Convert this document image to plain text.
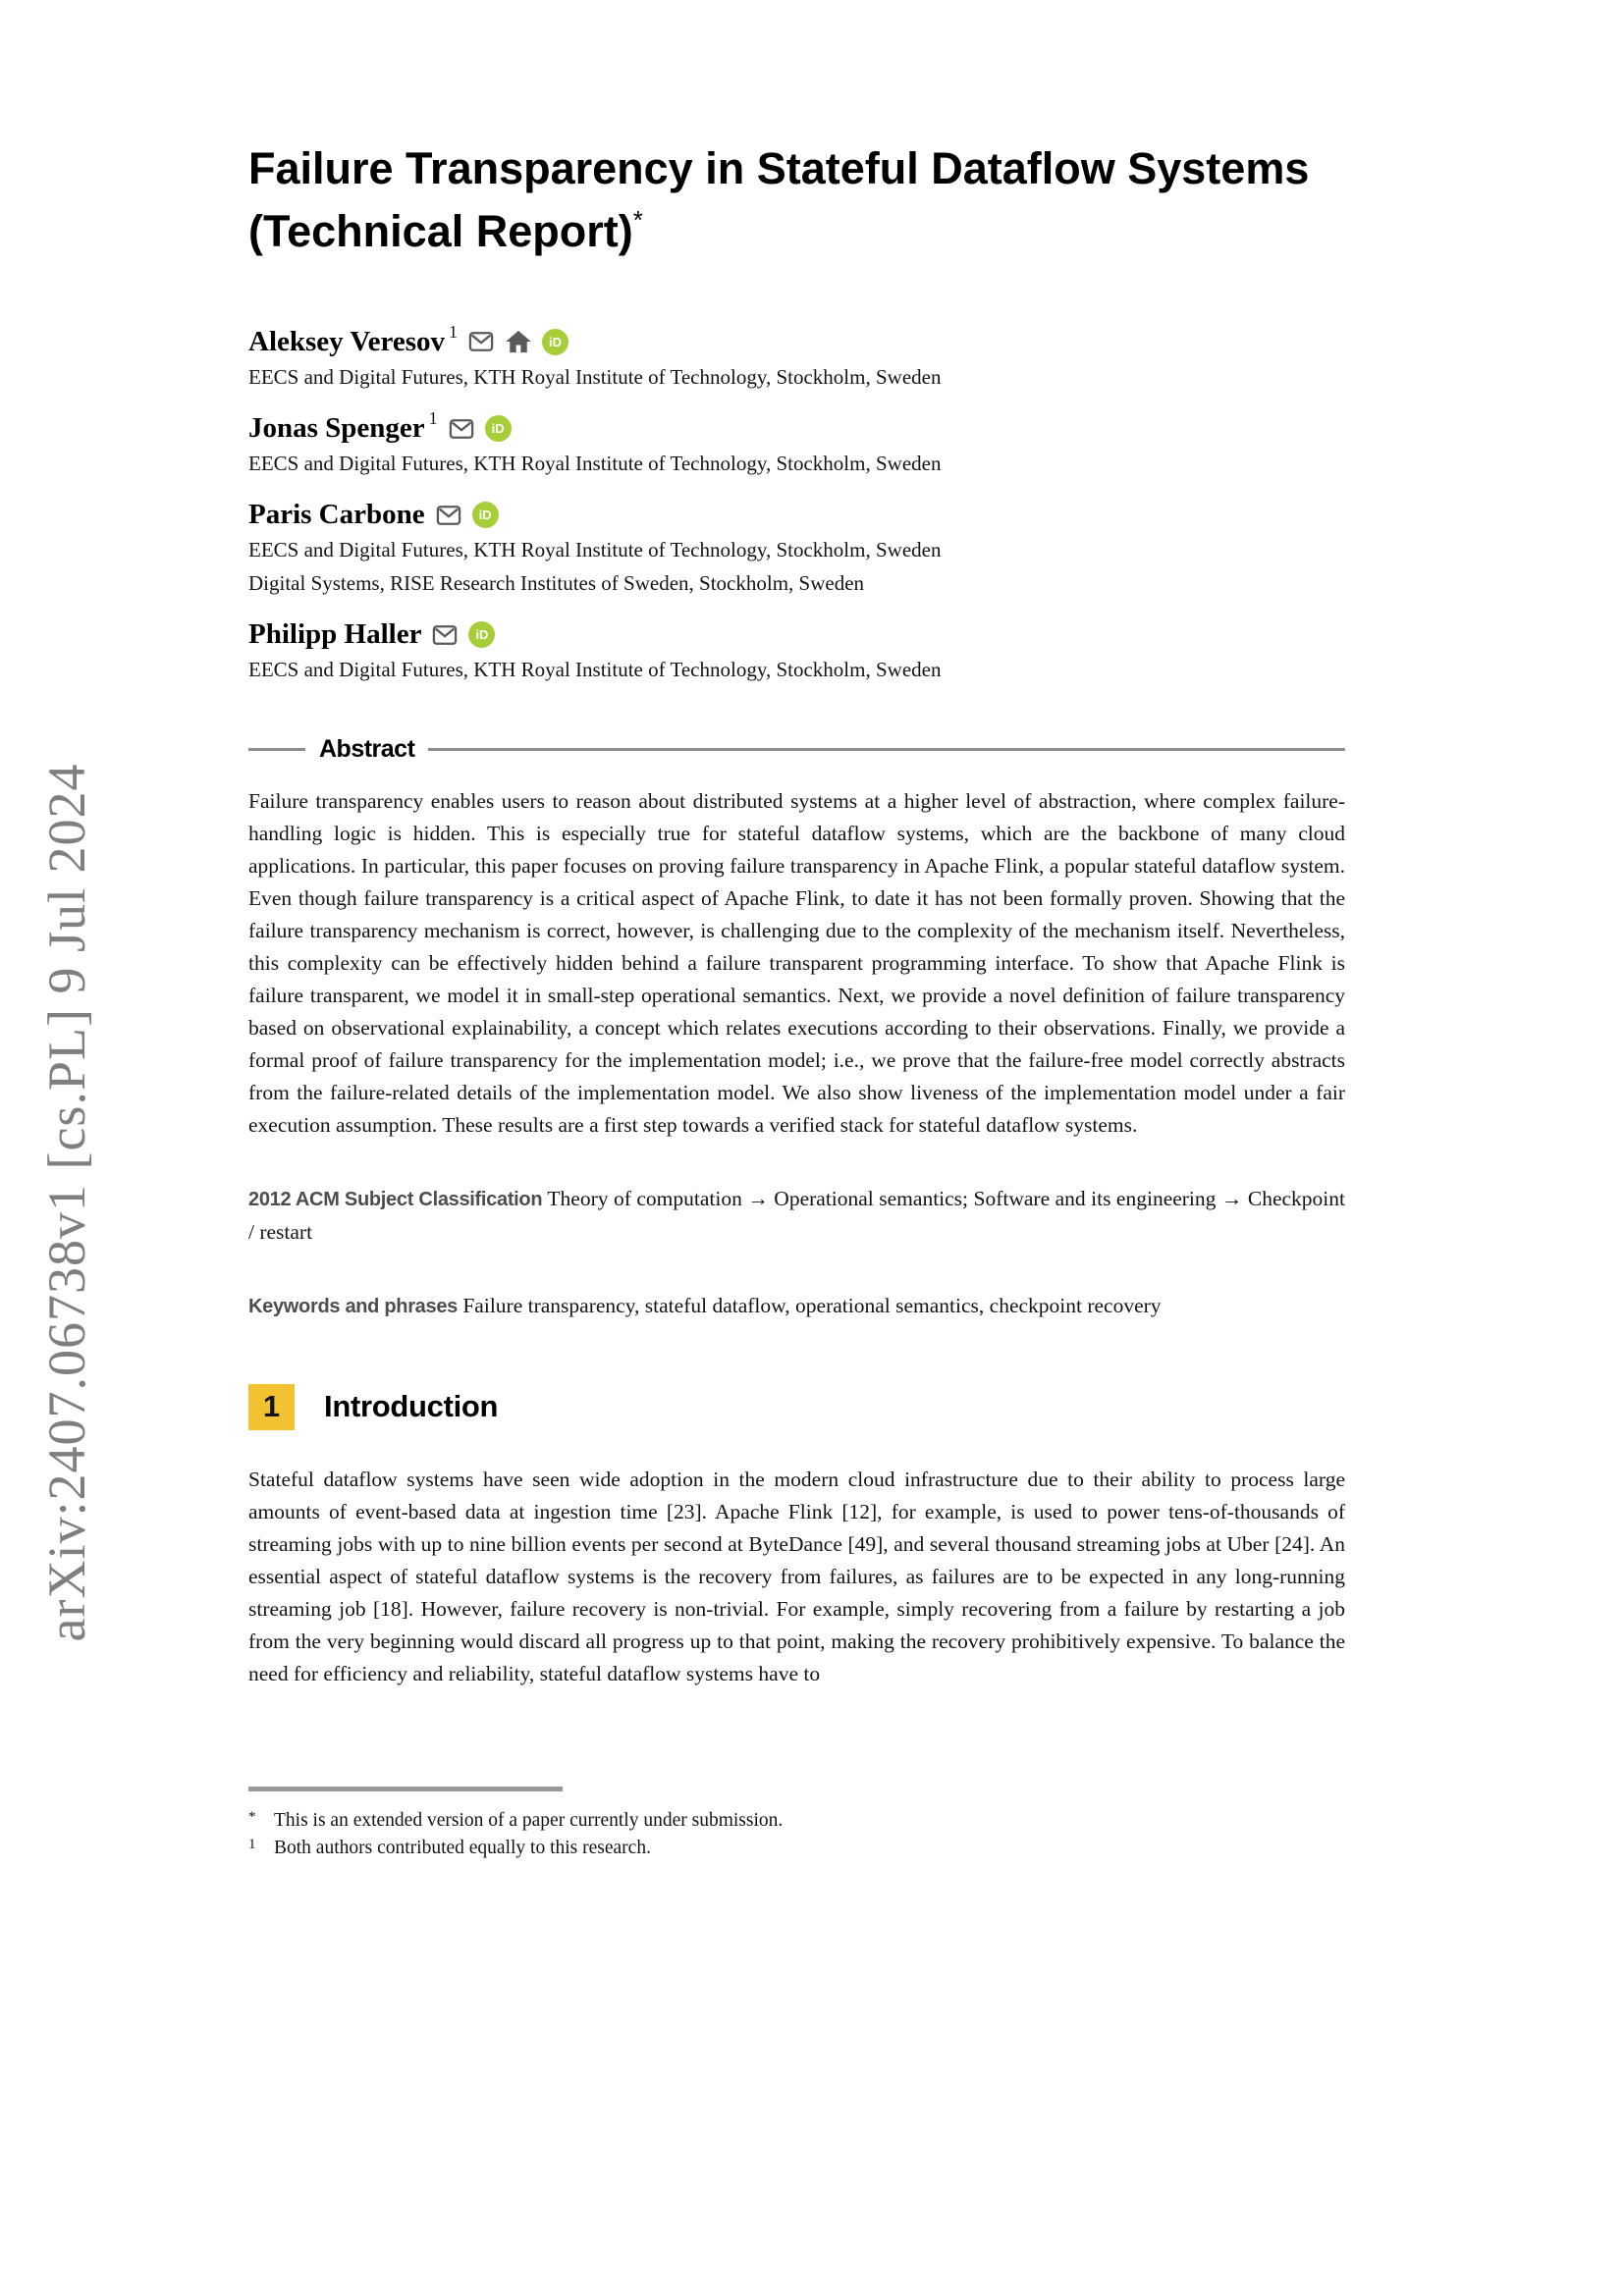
arXiv:2407.06738v1 [cs.PL] 9 Jul 2024
Failure Transparency in Stateful Dataflow Systems
(Technical Report)*
Aleksey Veresov$^1$
iD
EECS and Digital Futures, KTH Royal Institute of Technology, Stockholm, Sweden
Jonas Spenger$^1$
iD
EECS and Digital Futures, KTH Royal Institute of Technology, Stockholm, Sweden
Paris Carbone	iD
EECS and Digital Futures, KTH Royal Institute of Technology, Stockholm, Sweden
Digital Systems, RISE Research Institutes of Sweden, Stockholm, Sweden
Philipp Haller	iD
EECS and Digital Futures, KTH Royal Institute of Technology, Stockholm, Sweden
Abstract

Failure transparency enables users to reason about distributed systems at a higher level of abstraction, where complex failure-handling logic is hidden. This is especially true for stateful dataflow systems, which are the backbone of many cloud applications. In particular, this paper focuses on proving failure transparency in Apache Flink, a popular stateful dataflow system. Even though failure transparency is a critical aspect of Apache Flink, to date it has not been formally proven. Showing that the failure transparency mechanism is correct, however, is challenging due to the complexity of the mechanism itself. Nevertheless, this complexity can be effectively hidden behind a failure transparent programming interface. To show that Apache Flink is failure transparent, we model it in small-step operational semantics. Next, we provide a novel definition of failure transparency based on observational explainability, a concept which relates executions according to their observations. Finally, we provide a formal proof of failure transparency for the implementation model; i.e., we prove that the failure-free model correctly abstracts from the failure-related details of the implementation model. We also show liveness of the implementation model under a fair execution assumption. These results are a first step towards a verified stack for stateful dataflow systems.

2012 ACM Subject Classification Theory of computation → Operational semantics; Software and its engineering → Checkpoint / restart
Keywords and phrases Failure transparency, stateful dataflow, operational semantics, checkpoint recovery
1	Introduction

Stateful dataflow systems have seen wide adoption in the modern cloud infrastructure due to their ability to process large amounts of event-based data at ingestion time [23]. Apache Flink [12], for example, is used to power tens-of-thousands of streaming jobs with up to nine billion events per second at ByteDance [49], and several thousand streaming jobs at Uber [24]. An essential aspect of stateful dataflow systems is the recovery from failures, as failures are to be expected in any long-running streaming job [18]. However, failure recovery is non-trivial. For example, simply recovering from a failure by restarting a job from the very beginning would discard all progress up to that point, making the recovery prohibitively expensive. To balance the need for efficiency and reliability, stateful dataflow systems have to

* This is an extended version of a paper currently under submission.
1 Both authors contributed equally to this research.
